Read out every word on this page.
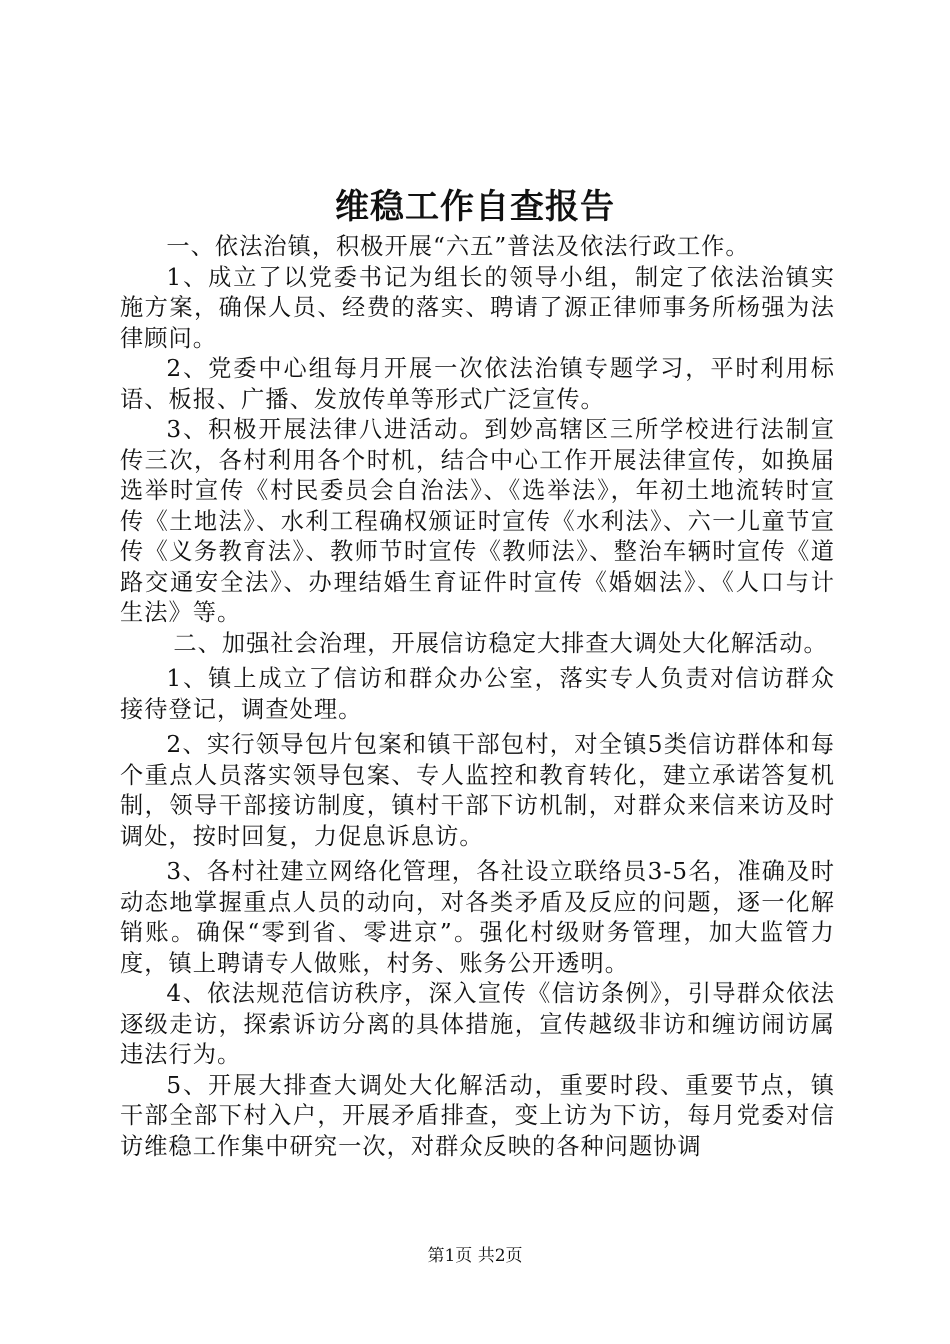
维稳工作自查报告

一、依法治镇，积极开展“六五”普法及依法行政工作。

1、成立了以党委书记为组长的领导小组，制定了依法治镇实施方案，确保人员、经费的落实、聘请了源正律师事务所杨强为法律顾问。

2、党委中心组每月开展一次依法治镇专题学习，平时利用标语、板报、广播、发放传单等形式广泛宣传。

3、积极开展法律八进活动。到妙高辖区三所学校进行法制宣传三次，各村利用各个时机，结合中心工作开展法律宣传，如换届选举时宣传《村民委员会自治法》、《选举法》，年初土地流转时宣传《土地法》、水利工程确权颁证时宣传《水利法》、六一儿童节宣传《义务教育法》、教师节时宣传《教师法》、整治车辆时宣传《道路交通安全法》、办理结婚生育证件时宣传《婚姻法》、《人口与计生法》等。

二、加强社会治理，开展信访稳定大排查大调处大化解活动。

1、镇上成立了信访和群众办公室，落实专人负责对信访群众接待登记，调查处理。

2、实行领导包片包案和镇干部包村，对全镇5类信访群体和每个重点人员落实领导包案、专人监控和教育转化，建立承诺答复机制，领导干部接访制度，镇村干部下访机制，对群众来信来访及时调处，按时回复，力促息诉息访。

3、各村社建立网络化管理，各社设立联络员3-5名，准确及时动态地掌握重点人员的动向，对各类矛盾及反应的问题，逐一化解销账。确保“零到省、零进京”。强化村级财务管理，加大监管力度，镇上聘请专人做账，村务、账务公开透明。

4、依法规范信访秩序，深入宣传《信访条例》，引导群众依法逐级走访，探索诉访分离的具体措施，宣传越级非访和缠访闹访属违法行为。

5、开展大排查大调处大化解活动，重要时段、重要节点，镇干部全部下村入户，开展矛盾排查，变上访为下访，每月党委对信访维稳工作集中研究一次，对群众反映的各种问题协调

第1页 共2页
